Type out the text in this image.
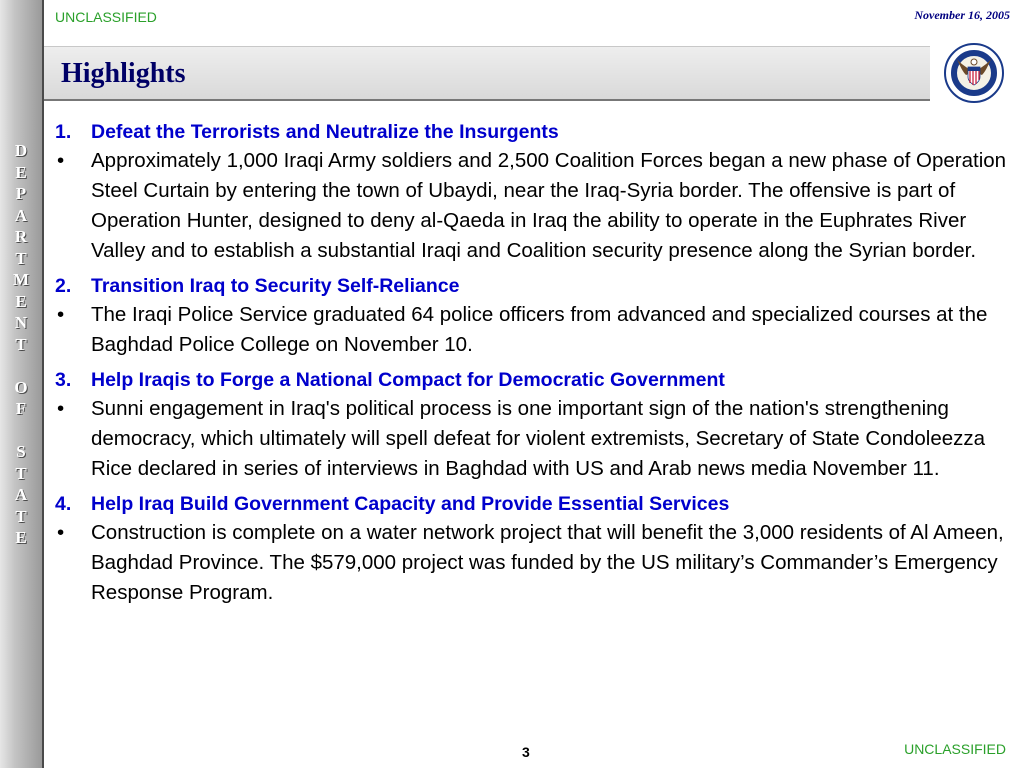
D
E
P
A
R
T
M
E
N
T
O
F
S
T
A
T
E
UNCLASSIFIED	November 16, 2005
Highlights
1. Defeat the Terrorists and Neutralize the Insurgents
• Approximately 1,000 Iraqi Army soldiers and 2,500 Coalition Forces began a new phase of Operation Steel Curtain by entering the town of Ubaydi, near the Iraq-Syria border. The offensive is part of Operation Hunter, designed to deny al-Qaeda in Iraq the ability to operate in the Euphrates River Valley and to establish a substantial Iraqi and Coalition security presence along the Syrian border.
2. Transition Iraq to Security Self-Reliance
• The Iraqi Police Service graduated 64 police officers from advanced and specialized courses at the Baghdad Police College on November 10.
3. Help Iraqis to Forge a National Compact for Democratic Government
• Sunni engagement in Iraq's political process is one important sign of the nation's strengthening democracy, which ultimately will spell defeat for violent extremists, Secretary of State Condoleezza Rice declared in series of interviews in Baghdad with US and Arab news media November 11.
4. Help Iraq Build Government Capacity and Provide Essential Services
• Construction is complete on a water network project that will benefit the 3,000 residents of Al Ameen, Baghdad Province. The $579,000 project was funded by the US military’s Commander’s Emergency Response Program.
3	UNCLASSIFIED
